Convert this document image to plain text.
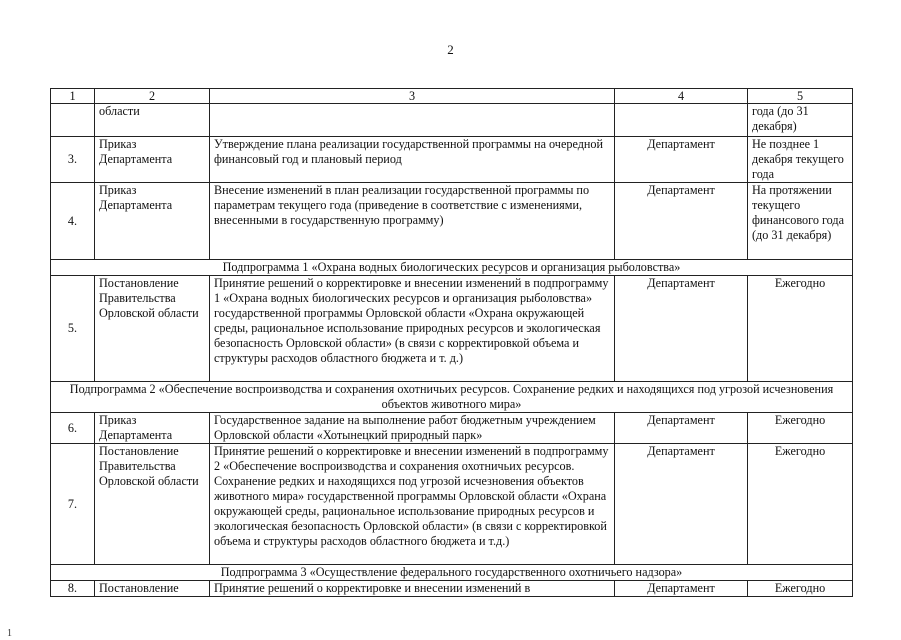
2
1	2	3	4	5
	области			года (до 31 декабря)
3.	Приказ Департамента	Утверждение плана реализации государственной программы на очередной финансовый год и плановый период	Департамент	Не позднее 1 декабря текущего года
4.	Приказ Департамента	Внесение изменений в план реализации государственной программы по параметрам текущего года (приведение в соответствие с изменениями, внесенными в государственную программу)	Департамент	На протяжении текущего финансового года (до 31 декабря)
Подпрограмма 1 «Охрана водных биологических ресурсов и организация рыболовства»				
5.	Постановление Правительства Орловской области	Принятие решений о корректировке и внесении изменений в подпрограмму 1 «Охрана водных биологических ресурсов и организация рыболовства» государственной программы Орловской области «Охрана окружающей среды, рациональное использование природных ресурсов и экологическая безопасность Орловской области» (в связи с корректировкой объема и структуры расходов областного бюджета и т. д.)	Департамент	Ежегодно
Подпрограмма 2 «Обеспечение воспроизводства и сохранения охотничьих ресурсов. Сохранение редких и находящихся под угрозой исчезновения объектов животного мира»				
6.	Приказ Департамента	Государственное задание на выполнение работ бюджетным учреждением Орловской области «Хотынецкий природный парк»	Департамент	Ежегодно
7.	Постановление Правительства Орловской области	Принятие решений о корректировке и внесении изменений в подпрограмму 2 «Обеспечение воспроизводства и сохранения охотничьих ресурсов. Сохранение редких и находящихся под угрозой исчезновения объектов животного мира» государственной программы Орловской области «Охрана окружающей среды, рациональное использование природных ресурсов и экологическая безопасность Орловской области» (в связи с корректировкой объема и структуры расходов областного бюджета и т.д.)	Департамент	Ежегодно
Подпрограмма 3 «Осуществление федерального государственного охотничьего надзора»				
8.	Постановление	Принятие решений о корректировке и внесении изменений в	Департамент	Ежегодно
1
